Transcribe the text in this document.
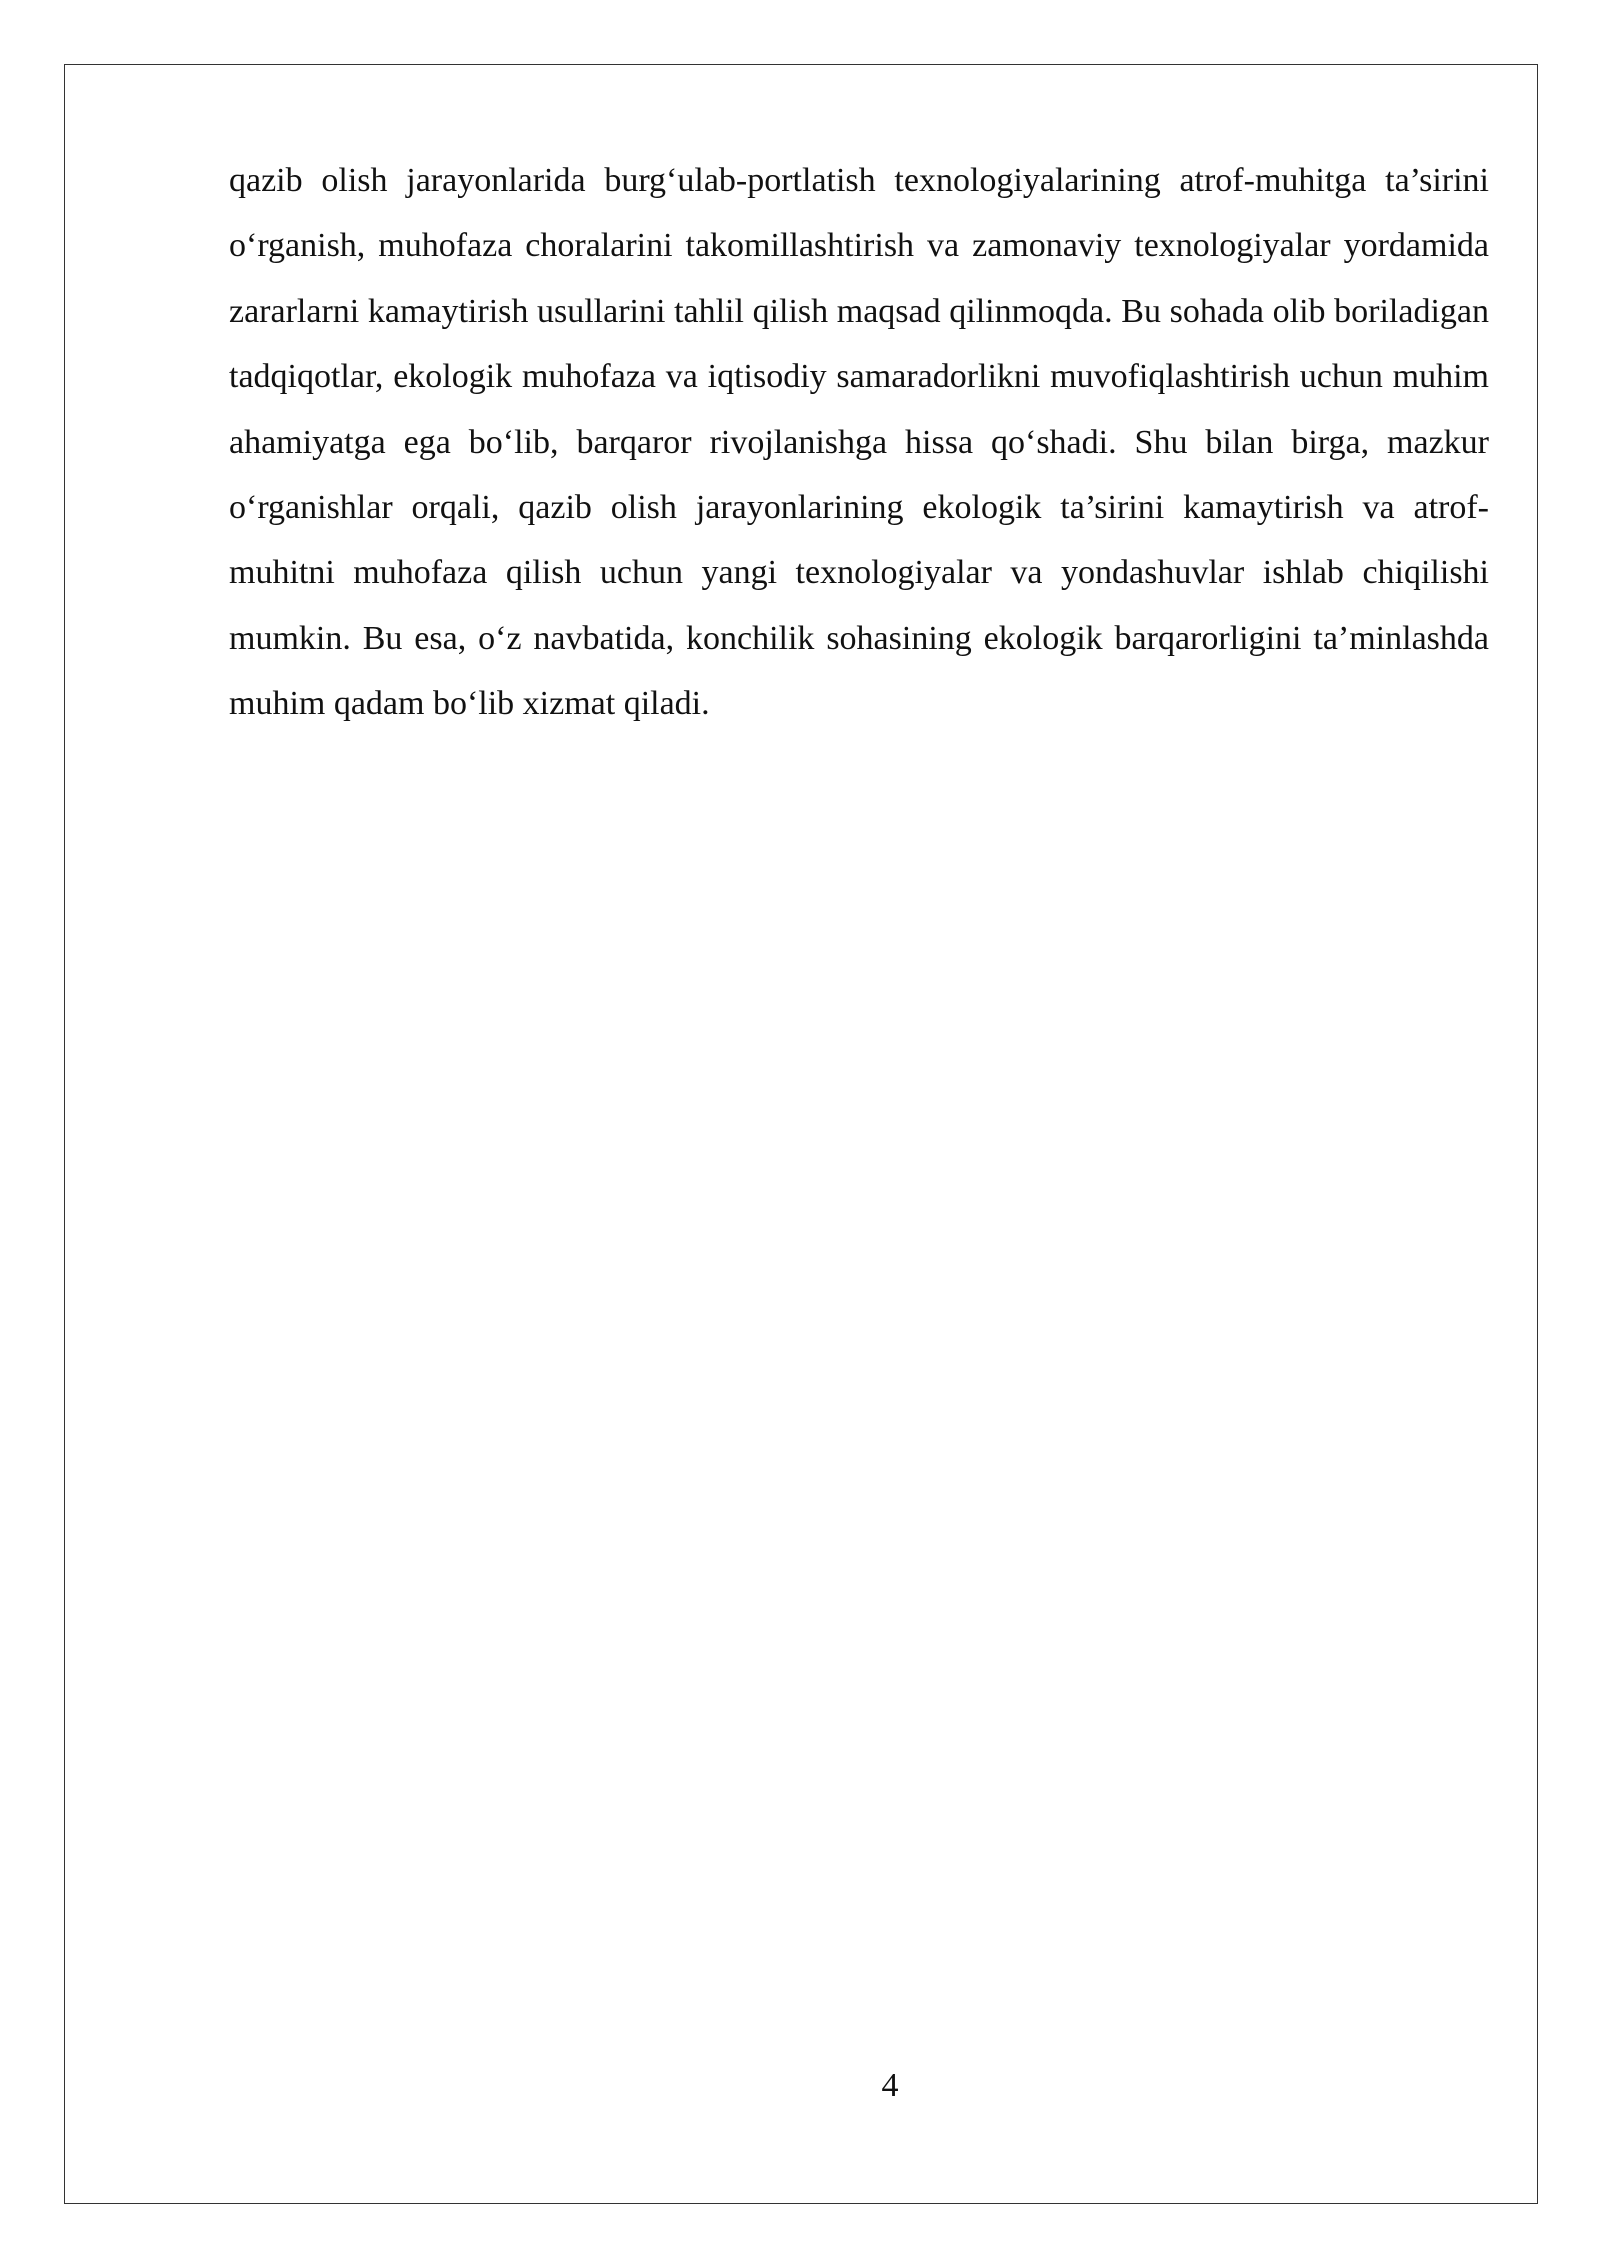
qazib olish jarayonlarida burg‘ulab-portlatish texnologiyalarining atrof-muhitga ta’sirini o‘rganish, muhofaza choralarini takomillashtirish va zamonaviy texnologiyalar yordamida zararlarni kamaytirish usullarini tahlil qilish maqsad qilinmoqda. Bu sohada olib boriladigan tadqiqotlar, ekologik muhofaza va iqtisodiy samaradorlikni muvofiqlashtirish uchun muhim ahamiyatga ega bo‘lib, barqaror rivojlanishga hissa qo‘shadi. Shu bilan birga, mazkur o‘rganishlar orqali, qazib olish jarayonlarining ekologik ta’sirini kamaytirish va atrof-muhitni muhofaza qilish uchun yangi texnologiyalar va yondashuvlar ishlab chiqilishi mumkin. Bu esa, o‘z navbatida, konchilik sohasining ekologik barqarorligini ta’minlashda muhim qadam bo‘lib xizmat qiladi.

4
